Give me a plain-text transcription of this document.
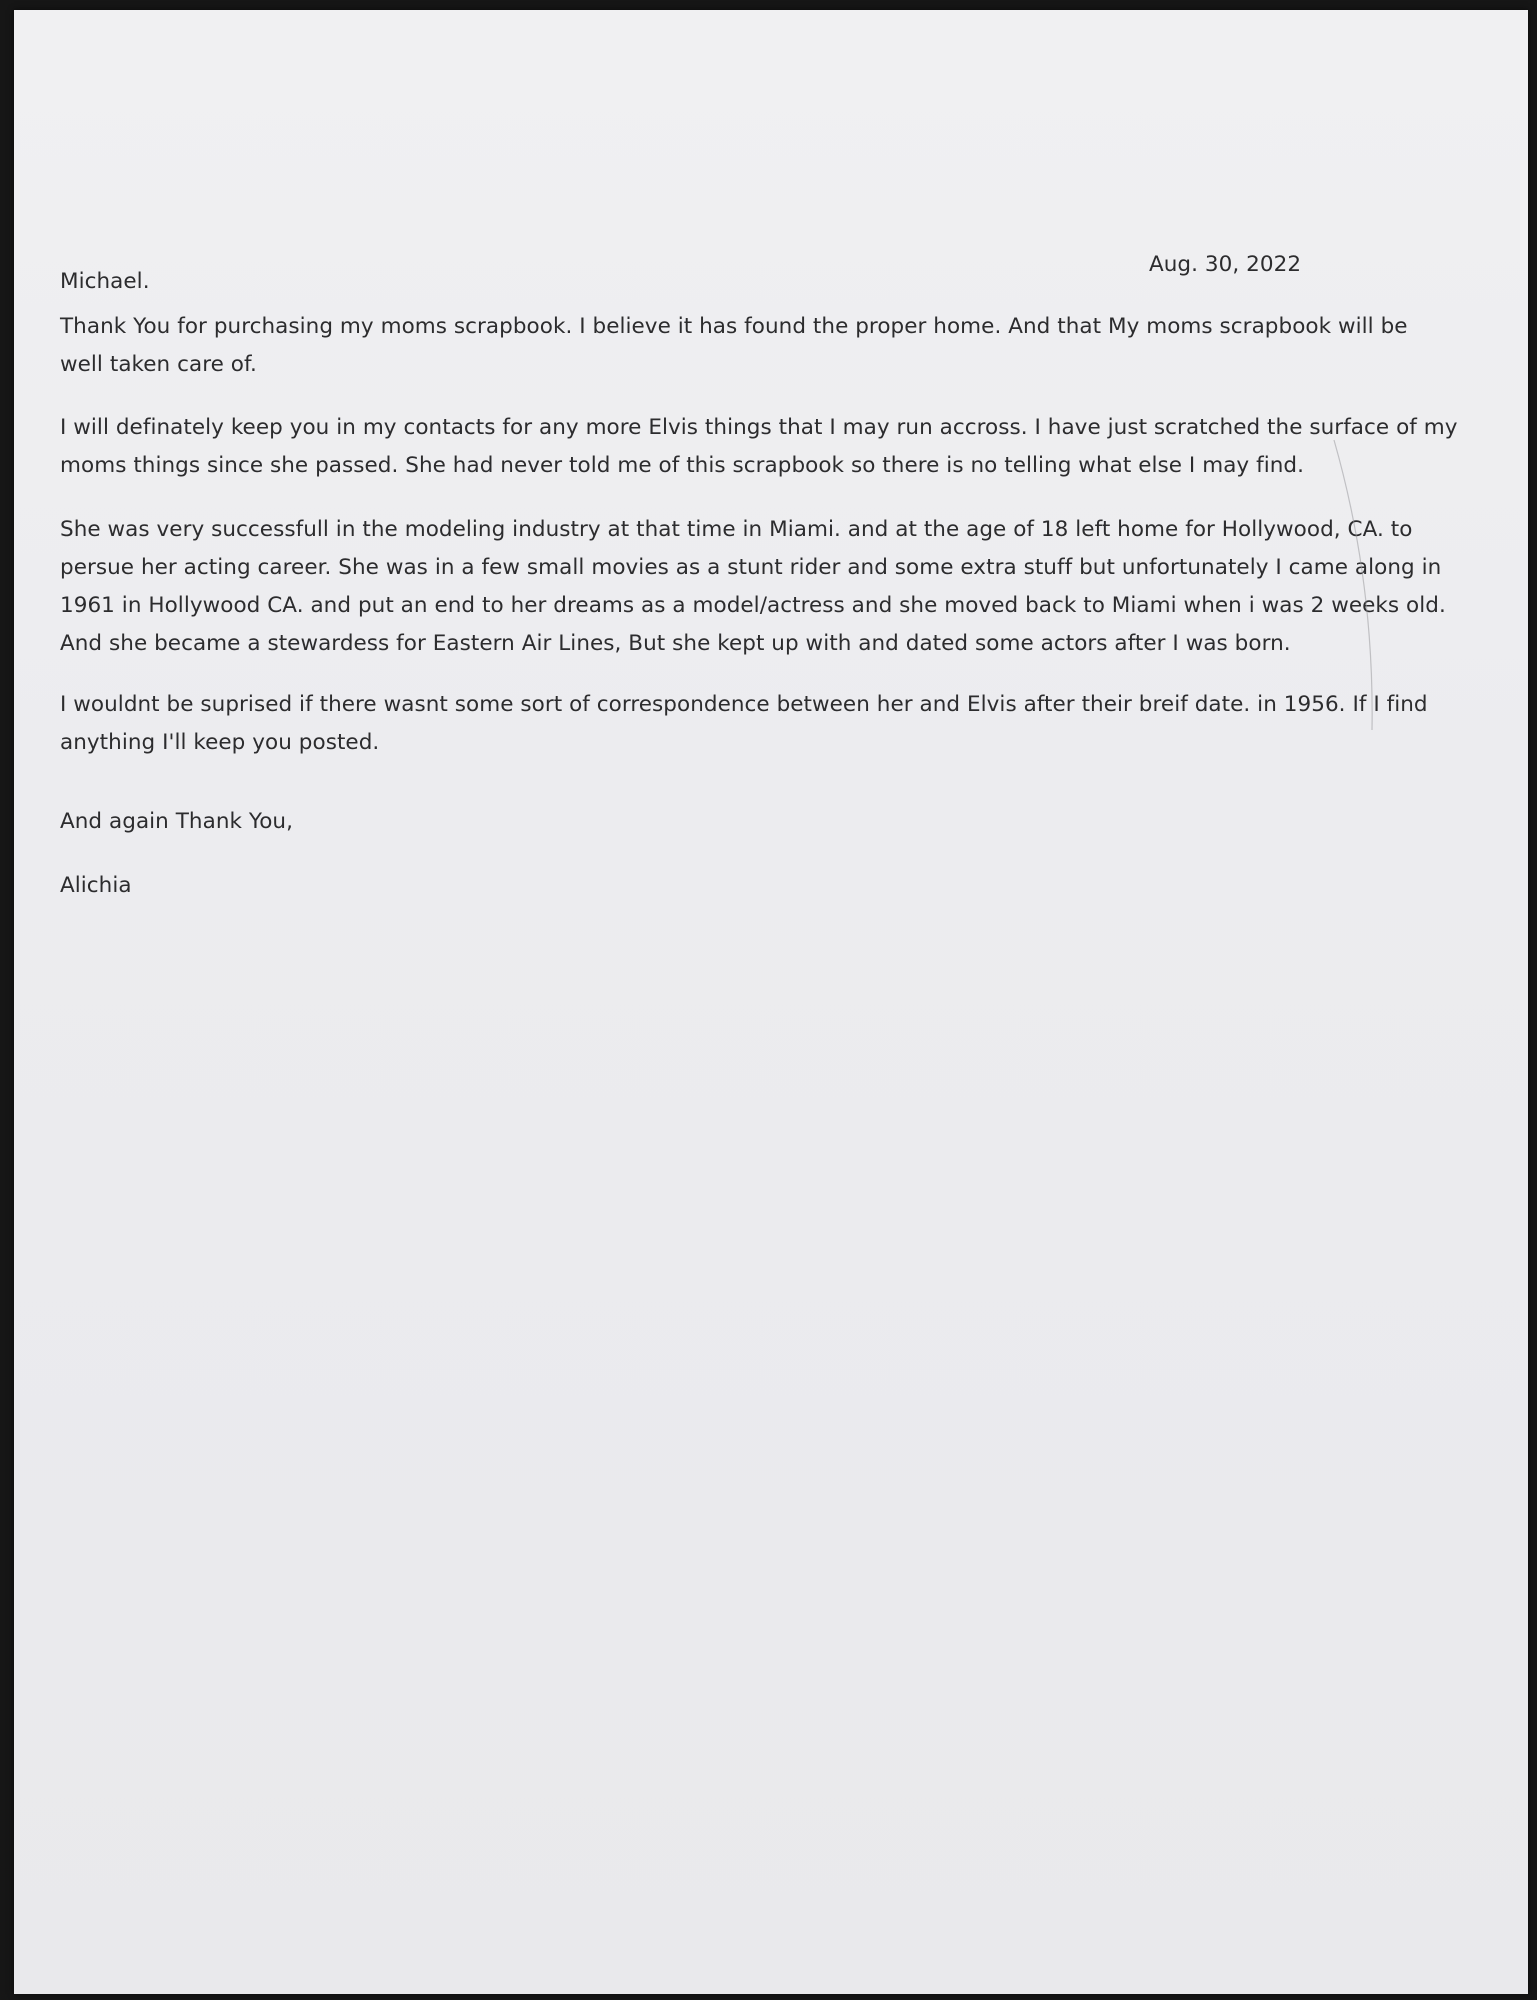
Aug. 30, 2022
Michael.
Thank You for purchasing my moms scrapbook. I believe it has found the proper home. And that My moms scrapbook will be
well taken care of.
I will definately keep you in my contacts for any more Elvis things that I may run accross. I have just scratched the surface of my
moms things since she passed. She had never told me of this scrapbook so there is no telling what else I may find.
She was very successfull in the modeling industry at that time in Miami. and at the age of 18 left home for Hollywood, CA. to
persue her acting career. She was in a few small movies as a stunt rider and some extra stuff but unfortunately I came along in
1961 in Hollywood CA. and put an end to her dreams as a model/actress and she moved back to Miami when i was 2 weeks old.
And she became a stewardess for Eastern Air Lines, But she kept up with and dated some actors after I was born.
I wouldnt be suprised if there wasnt some sort of correspondence between her and Elvis after their breif date. in 1956. If I find
anything I'll keep you posted.
And again Thank You,
Alichia
